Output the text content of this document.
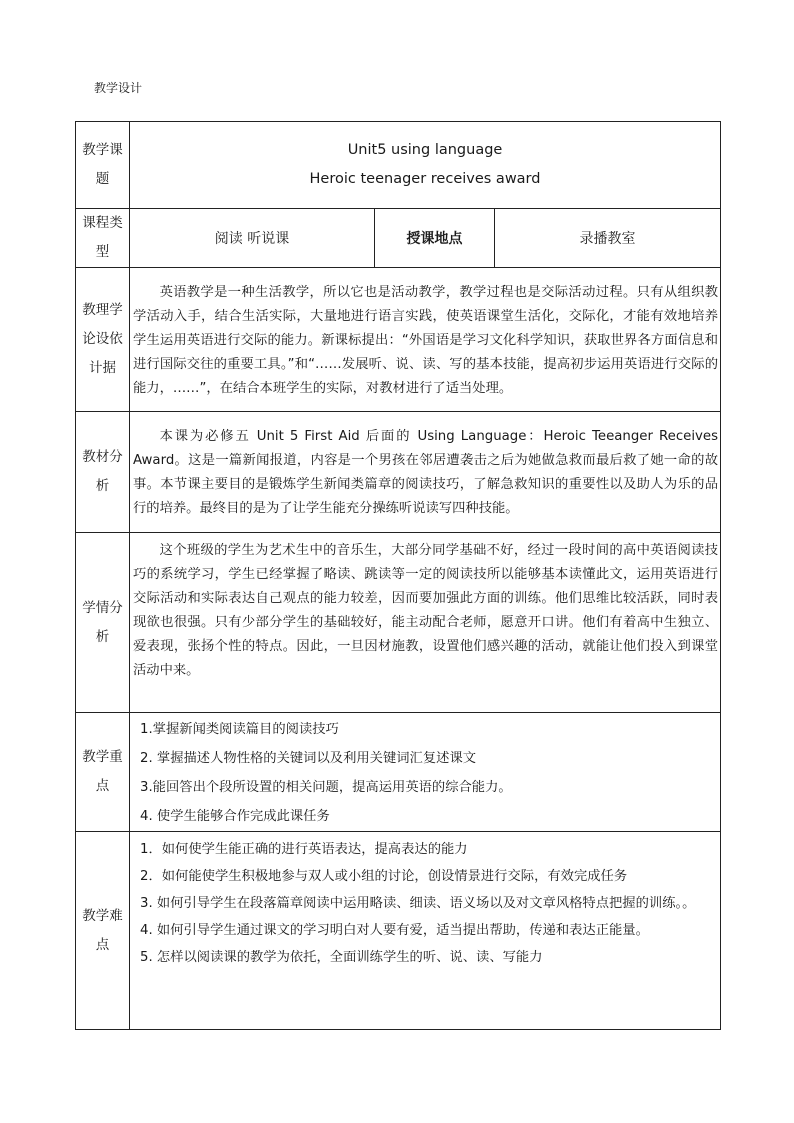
教学设计
教学课题	Unit5 using language
Heroic teenager receives award		

课程类型	阅读 听说课	授课地点	录播教室
教理学论设依计据	英语教学是一种生活教学，所以它也是活动教学，教学过程也是交际活动过程。只有从组织教学活动入手，结合生活实际，大量地进行语言实践，使英语课堂生活化，交际化，才能有效地培养学生运用英语进行交际的能力。新课标提出：“外国语是学习文化科学知识，获取世界各方面信息和进行国际交往的重要工具。”和“……发展听、说、读、写的基本技能，提高初步运用英语进行交际的能力，……”，在结合本班学生的实际，对教材进行了适当处理。		

教材分析	本课为必修五 Unit 5 First Aid 后面的 Using Language：Heroic Teeanger Receives Award。这是一篇新闻报道，内容是一个男孩在邻居遭袭击之后为她做急救而最后救了她一命的故事。本节课主要目的是锻炼学生新闻类篇章的阅读技巧，了解急救知识的重要性以及助人为乐的品行的培养。最终目的是为了让学生能充分操练听说读写四种技能。		

学情分析	这个班级的学生为艺术生中的音乐生，大部分同学基础不好，经过一段时间的高中英语阅读技巧的系统学习，学生已经掌握了略读、跳读等一定的阅读技所以能够基本读懂此文，运用英语进行交际活动和实际表达自己观点的能力较差，因而要加强此方面的训练。他们思维比较活跃，同时表现欲也很强。只有少部分学生的基础较好，能主动配合老师，愿意开口讲。他们有着高中生独立、爱表现，张扬个性的特点。因此，一旦因材施教，设置他们感兴趣的活动，就能让他们投入到课堂活动中来。		

教学重点	1.掌握新闻类阅读篇目的阅读技巧
2. 掌握描述人物性格的关键词以及利用关键词汇复述课文
3.能回答出个段所设置的相关问题，提高运用英语的综合能力。
4. 使学生能够合作完成此课任务		

教学难点	1．如何使学生能正确的进行英语表达，提高表达的能力
2．如何能使学生积极地参与双人或小组的讨论，创设情景进行交际，有效完成任务
3. 如何引导学生在段落篇章阅读中运用略读、细读、语义场以及对文章风格特点把握的训练。。
4. 如何引导学生通过课文的学习明白对人要有爱，适当提出帮助，传递和表达正能量。
5. 怎样以阅读课的教学为依托，全面训练学生的听、说、读、写能力		
